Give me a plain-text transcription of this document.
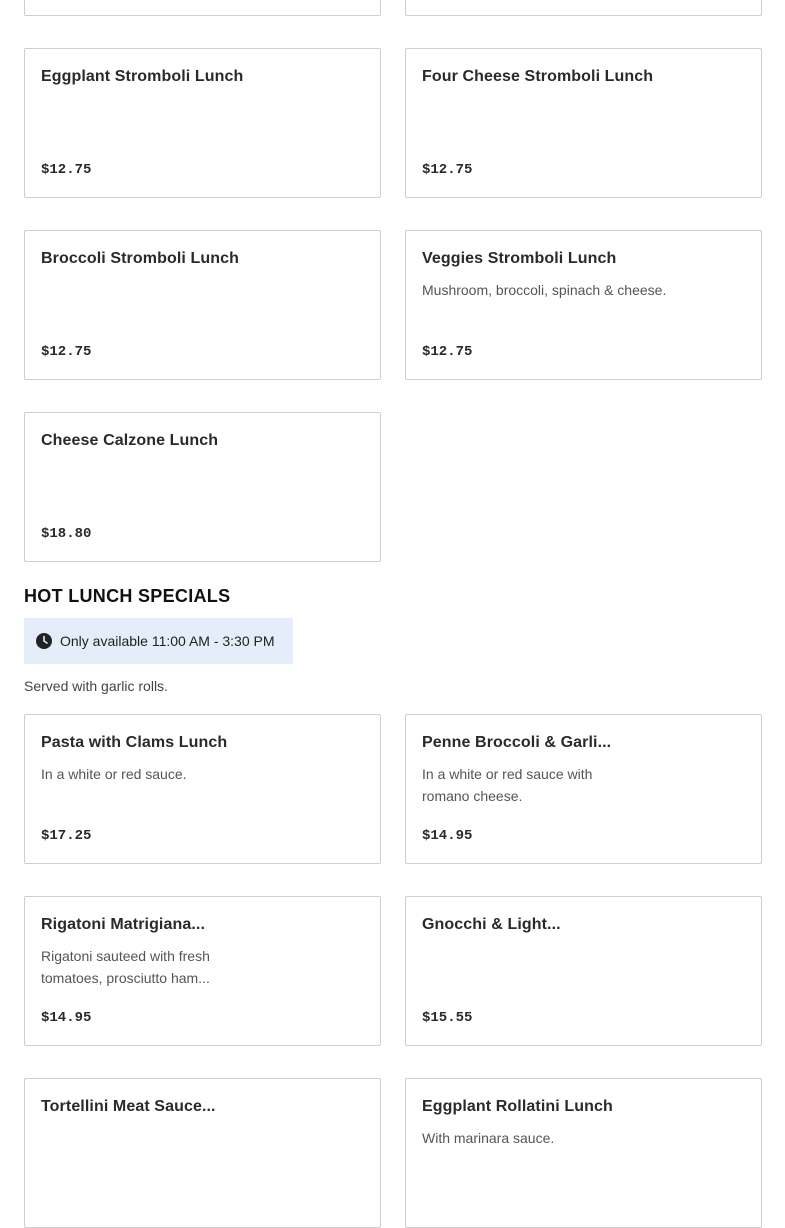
Eggplant Stromboli Lunch
$12.75
Four Cheese Stromboli Lunch
$12.75
Broccoli Stromboli Lunch
$12.75
Veggies Stromboli Lunch
Mushroom, broccoli, spinach & cheese.
$12.75
Cheese Calzone Lunch
$18.80
HOT LUNCH SPECIALS
Only available 11:00 AM - 3:30 PM
Served with garlic rolls.
Pasta with Clams Lunch
In a white or red sauce.
$17.25
Penne Broccoli & Garli...
In a white or red sauce with romano cheese.
$14.95
Rigatoni Matrigiana...
Rigatoni sauteed with fresh tomatoes, prosciutto ham...
$14.95
Gnocchi & Light...
$15.55
Tortellini Meat Sauce...	Eggplant Rollatini Lunch
With marinara sauce.
